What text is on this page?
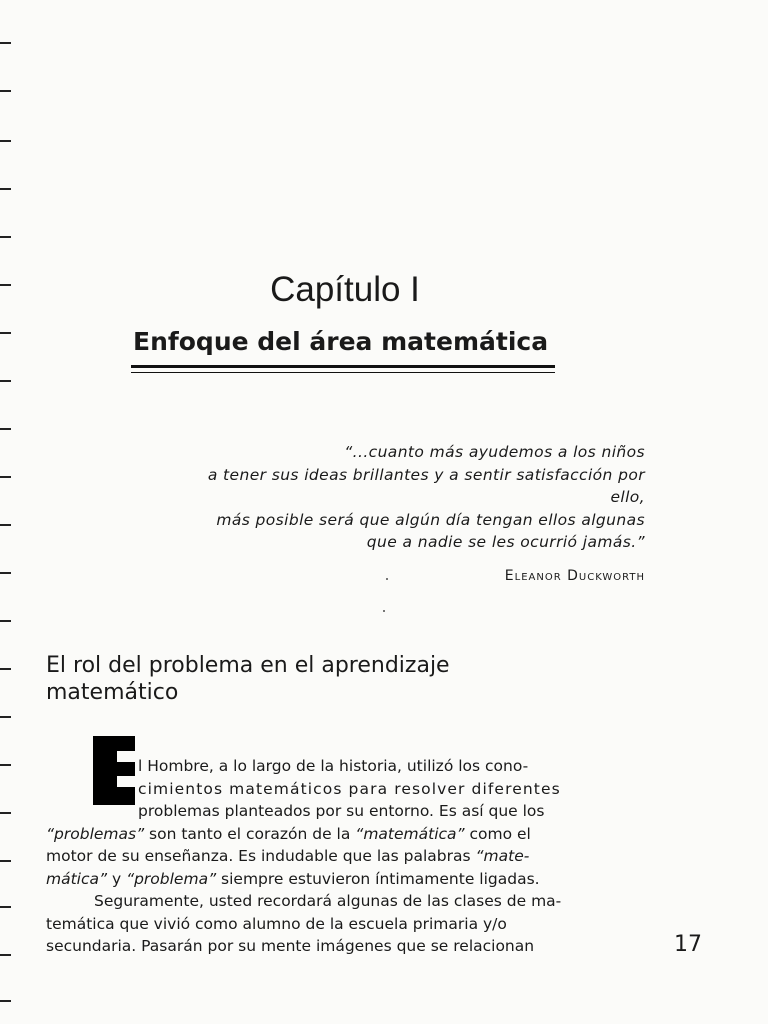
Capítulo I
Enfoque del área matemática
“...cuanto más ayudemos a los niños
a tener sus ideas brillantes y a sentir satisfacción por
ello,
más posible será que algún día tengan ellos algunas
que a nadie se les ocurrió jamás.”
Eleanor Duckworth
El rol del problema en el aprendizaje
matemático
l Hombre, a lo largo de la historia, utilizó los cono-
cimientos matemáticos para resolver diferentes
problemas planteados por su entorno. Es así que los
“problemas” son tanto el corazón de la “matemática” como el
motor de su enseñanza. Es indudable que las palabras “mate-
mática” y “problema” siempre estuvieron íntimamente ligadas.
Seguramente, usted recordará algunas de las clases de ma-
temática que vivió como alumno de la escuela primaria y/o
secundaria. Pasarán por su mente imágenes que se relacionan	17
